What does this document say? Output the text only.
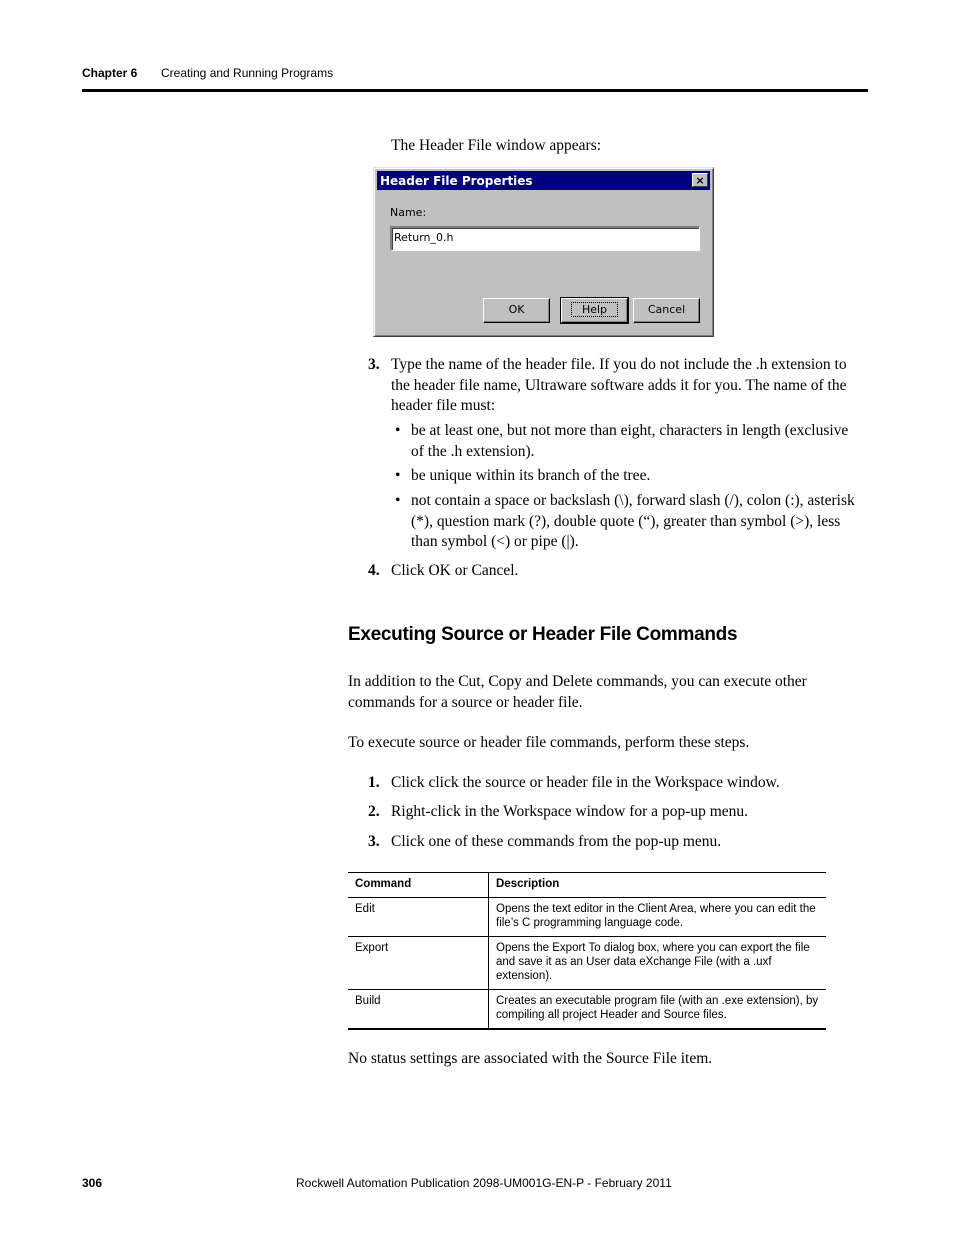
Chapter 6 Creating and Running Programs
The Header File window appears:
Header File Properties	×
Name:
Return_0.h
OK	Help	Cancel
3. Type the name of the header file. If you do not include the .h extension to
the header file name, Ultraware software adds it for you. The name of the
header file must:
• be at least one, but not more than eight, characters in length (exclusive
of the .h extension).
• be unique within its branch of the tree.
• not contain a space or backslash (\), forward slash (/), colon (:), asterisk
(*), question mark (?), double quote (“), greater than symbol (>), less
than symbol (<) or pipe (|).
4. Click OK or Cancel.
Executing Source or Header File Commands
In addition to the Cut, Copy and Delete commands, you can execute other
commands for a source or header file.
To execute source or header file commands, perform these steps.
1. Click click the source or header file in the Workspace window.
2. Right-click in the Workspace window for a pop-up menu.
3. Click one of these commands from the pop-up menu.
Command	Description
Edit	Opens the text editor in the Client Area, where you can edit the
file’s C programming language code.

Export	Opens the Export To dialog box, where you can export the file
and save it as an User data eXchange File (with a .uxf
extension).

Build	Creates an executable program file (with an .exe extension), by
compiling all project Header and Source files.
No status settings are associated with the Source File item.
306	Rockwell Automation Publication 2098-UM001G-EN-P - February 2011
